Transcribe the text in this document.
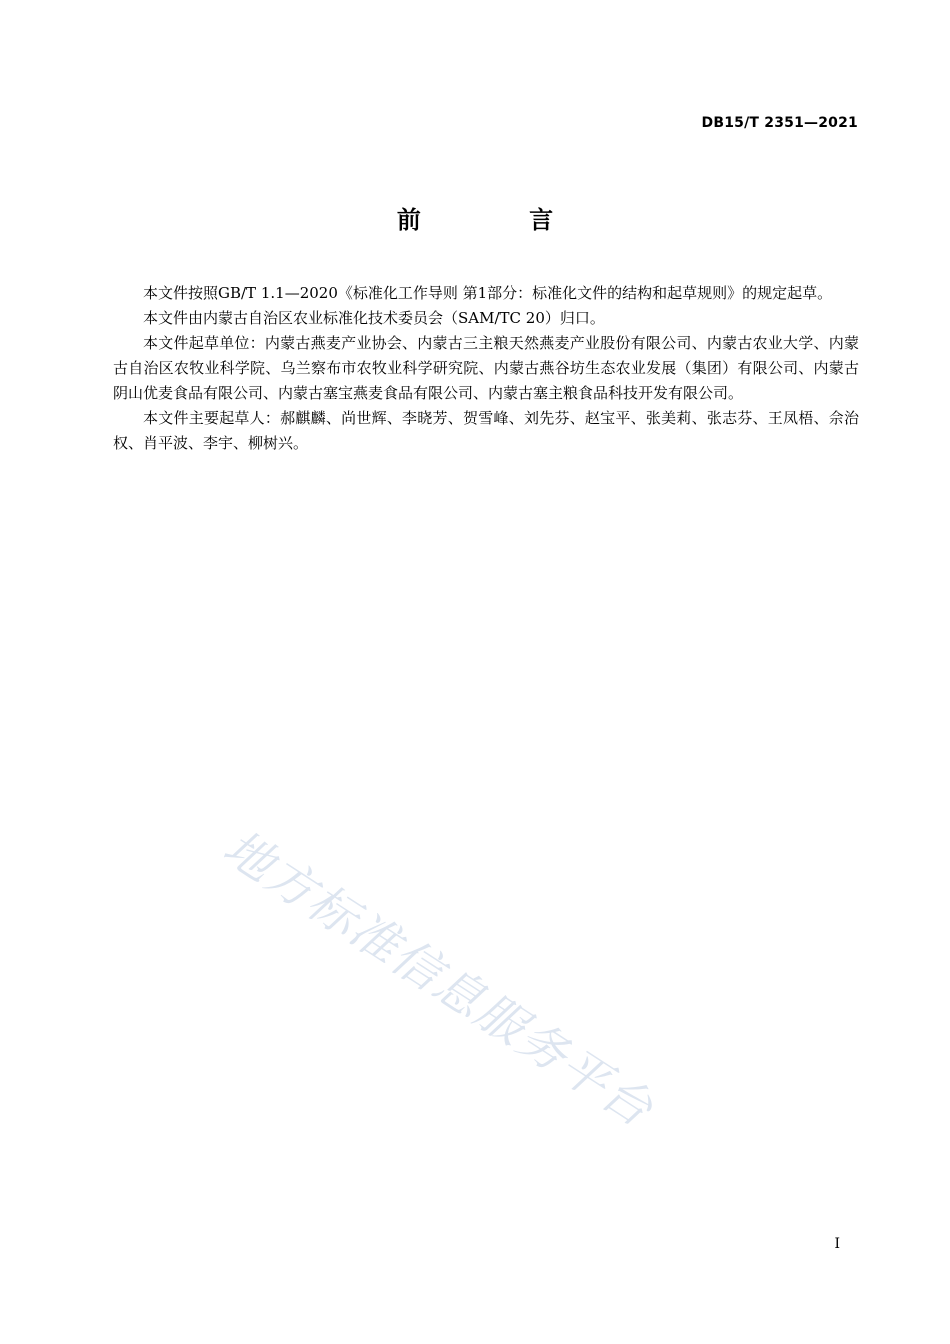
DB15/T 2351—2021
前 言

本文件按照GB/T 1.1—2020《标准化工作导则 第1部分：标准化文件的结构和起草规则》的规定起草。

本文件由内蒙古自治区农业标准化技术委员会（SAM/TC 20）归口。

本文件起草单位：内蒙古燕麦产业协会、内蒙古三主粮天然燕麦产业股份有限公司、内蒙古农业大学、内蒙古自治区农牧业科学院、乌兰察布市农牧业科学研究院、内蒙古燕谷坊生态农业发展（集团）有限公司、内蒙古阴山优麦食品有限公司、内蒙古塞宝燕麦食品有限公司、内蒙古塞主粮食品科技开发有限公司。

本文件主要起草人：郝麒麟、尚世辉、李晓芳、贺雪峰、刘先芬、赵宝平、张美莉、张志芬、王凤梧、佘治权、肖平波、李宇、柳树兴。

地方标准信息服务平台
I
